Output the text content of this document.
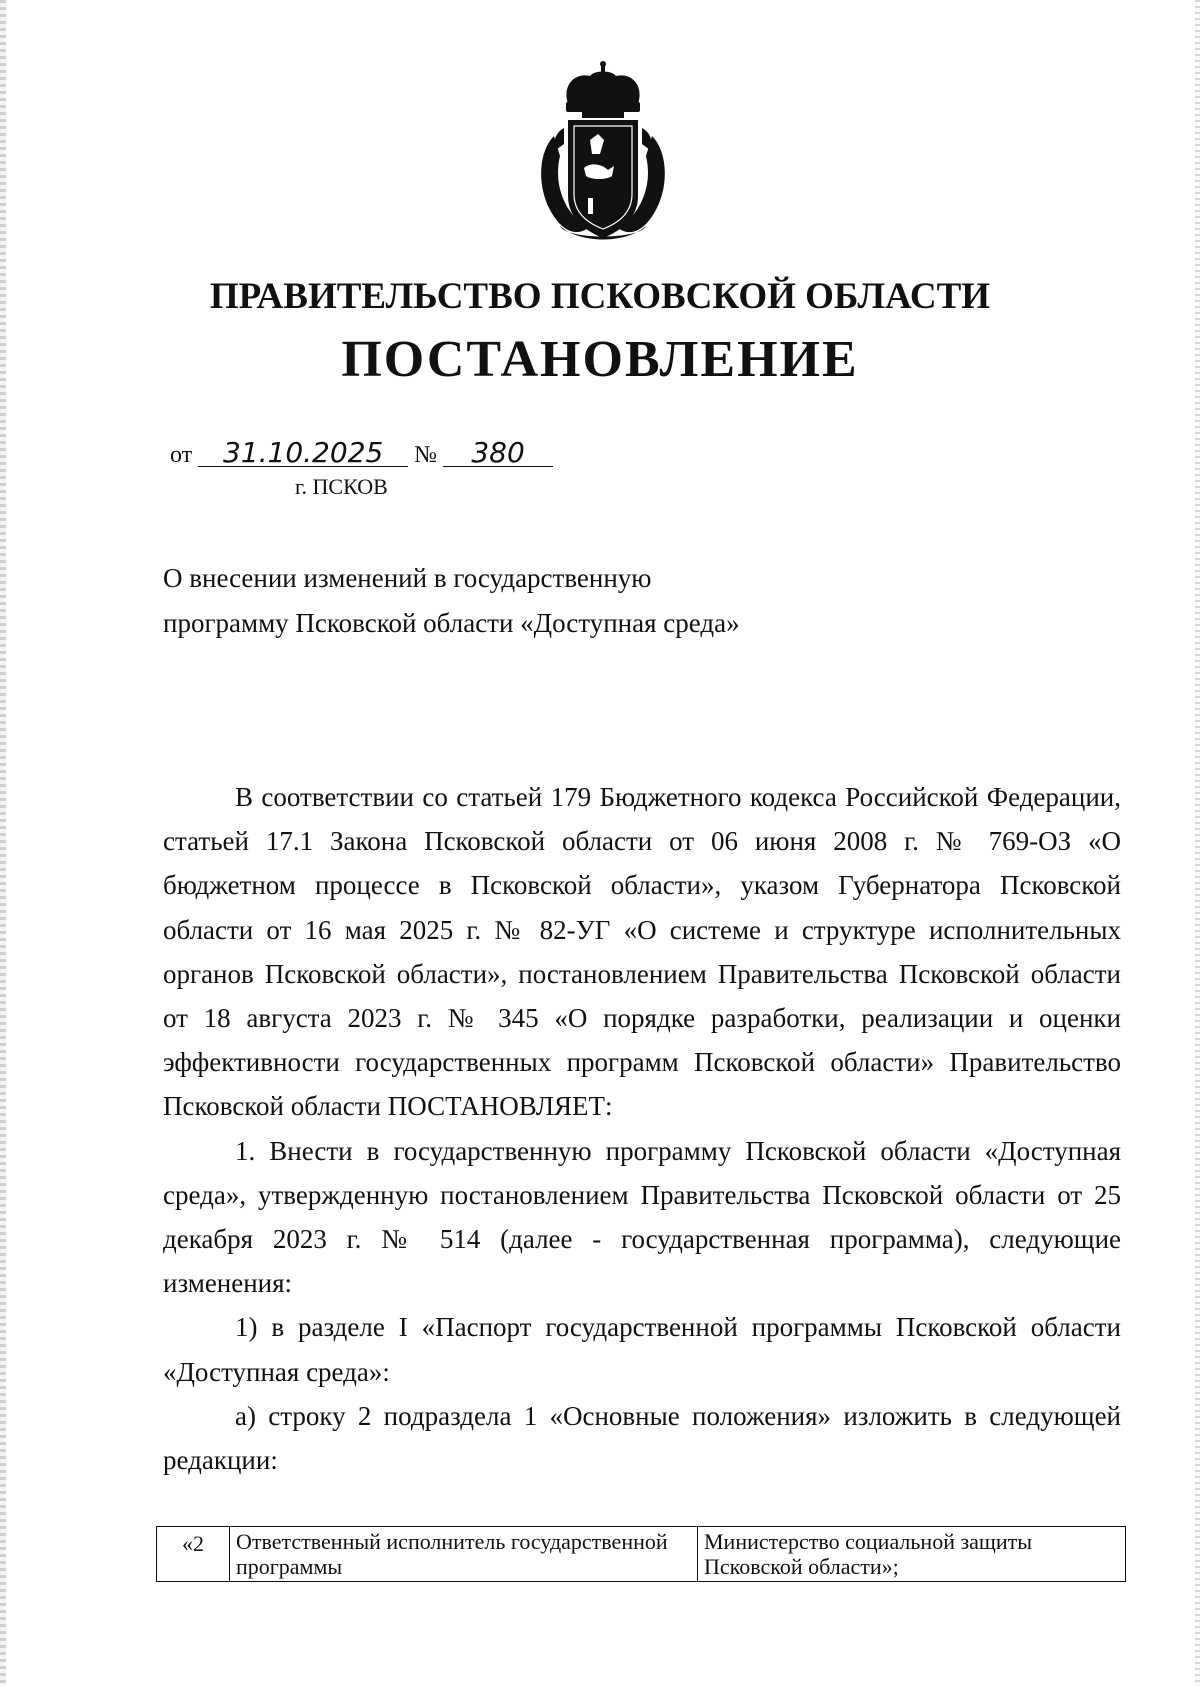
ПРАВИТЕЛЬСТВО ПСКОВСКОЙ ОБЛАСТИ
ПОСТАНОВЛЕНИЕ
от 31.10.2025 № 380
г. ПСКОВ
О внесении изменений в государственную программу Псковской области «Доступная среда»

В соответствии со статьей 179 Бюджетного кодекса Российской Федерации, статьей 17.1 Закона Псковской области от 06 июня 2008 г. № 769-ОЗ «О бюджетном процессе в Псковской области», указом Губернатора Псковской области от 16 мая 2025 г. № 82-УГ «О системе и структуре исполнительных органов Псковской области», постановлением Правительства Псковской области от 18 августа 2023 г. № 345 «О порядке разработки, реализации и оценки эффективности государственных программ Псковской области» Правительство Псковской области ПОСТАНОВЛЯЕТ:

1. Внести в государственную программу Псковской области «Доступная среда», утвержденную постановлением Правительства Псковской области от 25 декабря 2023 г. № 514 (далее - государственная программа), следующие изменения:

1) в разделе I «Паспорт государственной программы Псковской области «Доступная среда»:

а) строку 2 подраздела 1 «Основные положения» изложить в следующей редакции:

«2	Ответственный исполнитель государственной программы	Министерство социальной защиты Псковской области»;
